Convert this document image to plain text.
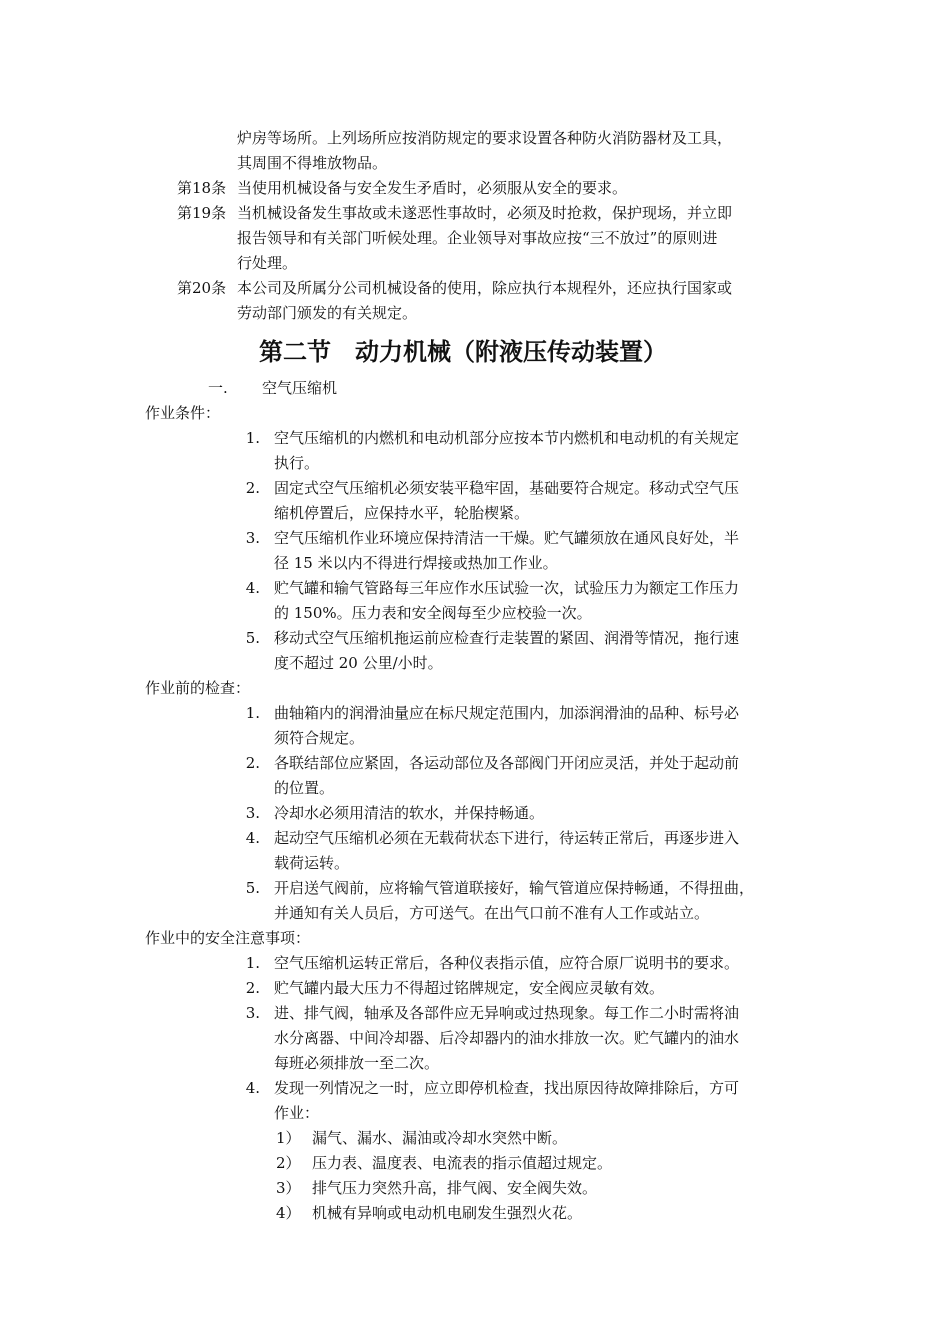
炉房等场所。上列场所应按消防规定的要求设置各种防火消防器材及工具，
其周围不得堆放物品。
第18条 当使用机械设备与安全发生矛盾时，必须服从安全的要求。
第19条 当机械设备发生事故或未遂恶性事故时，必须及时抢救，保护现场，并立即
报告领导和有关部门听候处理。企业领导对事故应按“三不放过”的原则进
行处理。
第20条 本公司及所属分公司机械设备的使用，除应执行本规程外，还应执行国家或
劳动部门颁发的有关规定。
第二节　动力机械（附液压传动装置）
一. 空气压缩机
作业条件：
1. 空气压缩机的内燃机和电动机部分应按本节内燃机和电动机的有关规定
执行。
2. 固定式空气压缩机必须安装平稳牢固，基础要符合规定。移动式空气压
缩机停置后，应保持水平，轮胎楔紧。
3. 空气压缩机作业环境应保持清洁一干燥。贮气罐须放在通风良好处，半
径 15 米以内不得进行焊接或热加工作业。
4. 贮气罐和输气管路每三年应作水压试验一次，试验压力为额定工作压力
的 150%。压力表和安全阀每至少应校验一次。
5. 移动式空气压缩机拖运前应检查行走装置的紧固、润滑等情况，拖行速
度不超过 20 公里/小时。
作业前的检查：
1. 曲轴箱内的润滑油量应在标尺规定范围内，加添润滑油的品种、标号必
须符合规定。
2. 各联结部位应紧固，各运动部位及各部阀门开闭应灵活，并处于起动前
的位置。
3. 冷却水必须用清洁的软水，并保持畅通。
4. 起动空气压缩机必须在无载荷状态下进行，待运转正常后，再逐步进入
载荷运转。
5. 开启送气阀前，应将输气管道联接好，输气管道应保持畅通，不得扭曲，
并通知有关人员后，方可送气。在出气口前不准有人工作或站立。
作业中的安全注意事项：
1. 空气压缩机运转正常后，各种仪表指示值，应符合原厂说明书的要求。
2. 贮气罐内最大压力不得超过铭牌规定，安全阀应灵敏有效。
3. 进、排气阀，轴承及各部件应无异响或过热现象。每工作二小时需将油
水分离器、中间冷却器、后冷却器内的油水排放一次。贮气罐内的油水
每班必须排放一至二次。
4. 发现一列情况之一时，应立即停机检查，找出原因待故障排除后，方可
作业：
1） 漏气、漏水、漏油或冷却水突然中断。
2） 压力表、温度表、电流表的指示值超过规定。
3） 排气压力突然升高，排气阀、安全阀失效。
4） 机械有异响或电动机电刷发生强烈火花。
